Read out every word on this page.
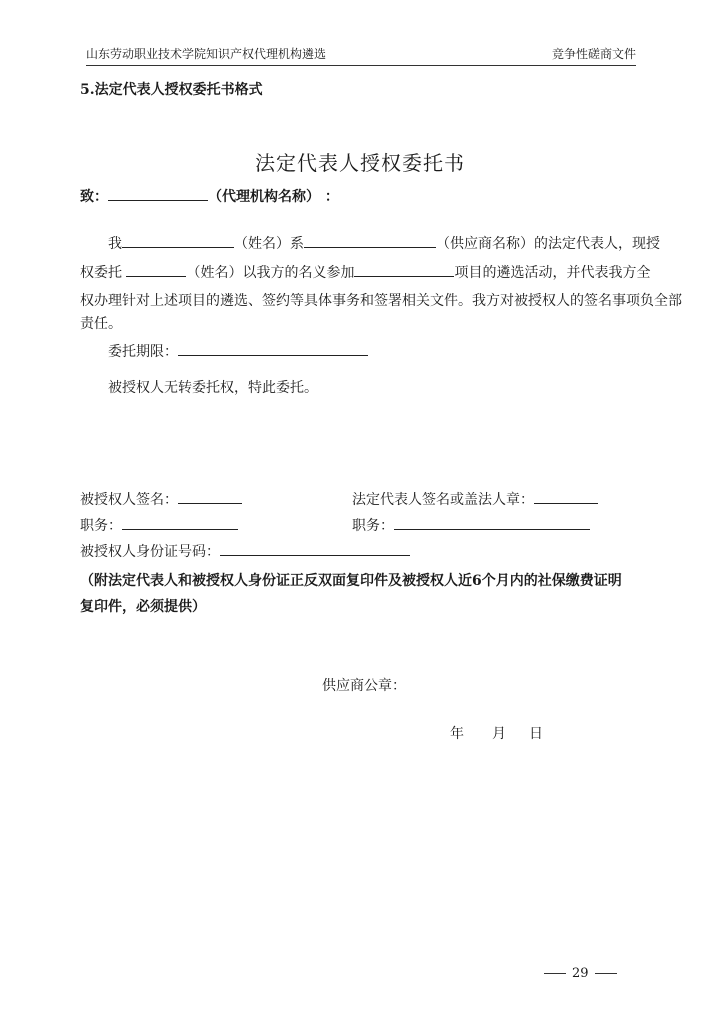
山东劳动职业技术学院知识产权代理机构遴选	竞争性磋商文件
5.法定代表人授权委托书格式
法定代表人授权委托书
致：	（代理机构名称） ：
我	（姓名）系	（供应商名称）的法定代表人，现授
权委托	（姓名）以我方的名义参加	项目的遴选活动，并代表我方全
权办理针对上述项目的遴选、签约等具体事务和签署相关文件。我方对被授权人的签名事项负全部
责任。
委托期限：
被授权人无转委托权，特此委托。
被授权人签名：	法定代表人签名或盖法人章：
职务：	职务：
被授权人身份证号码：
（附法定代表人和被授权人身份证正反双面复印件及被授权人近6个月内的社保缴费证明
复印件，必须提供）
供应商公章：
年 月 日
29
